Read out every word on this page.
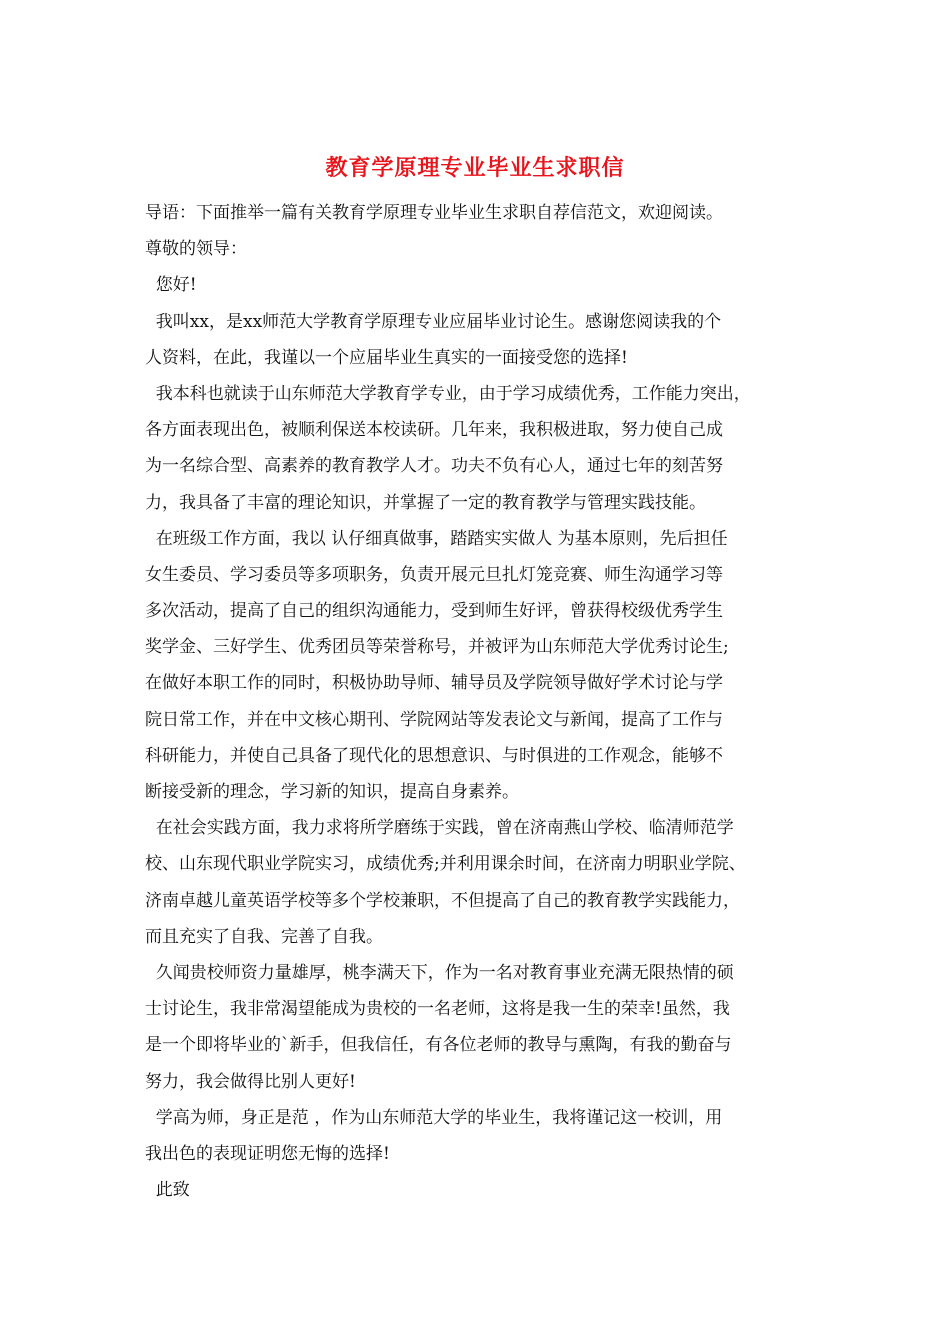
教育学原理专业毕业生求职信
导语：下面推举一篇有关教育学原理专业毕业生求职自荐信范文，欢迎阅读。
尊敬的领导：
您好!
我叫xx，是xx师范大学教育学原理专业应届毕业讨论生。感谢您阅读我的个
人资料，在此，我谨以一个应届毕业生真实的一面接受您的选择!
我本科也就读于山东师范大学教育学专业，由于学习成绩优秀，工作能力突出，
各方面表现出色，被顺利保送本校读研。几年来，我积极进取，努力使自己成
为一名综合型、高素养的教育教学人才。功夫不负有心人，通过七年的刻苦努
力，我具备了丰富的理论知识，并掌握了一定的教育教学与管理实践技能。
在班级工作方面，我以 认仔细真做事，踏踏实实做人 为基本原则，先后担任
女生委员、学习委员等多项职务，负责开展元旦扎灯笼竞赛、师生沟通学习等
多次活动，提高了自己的组织沟通能力，受到师生好评，曾获得校级优秀学生
奖学金、三好学生、优秀团员等荣誉称号，并被评为山东师范大学优秀讨论生;
在做好本职工作的同时，积极协助导师、辅导员及学院领导做好学术讨论与学
院日常工作，并在中文核心期刊、学院网站等发表论文与新闻，提高了工作与
科研能力，并使自己具备了现代化的思想意识、与时俱进的工作观念，能够不
断接受新的理念，学习新的知识，提高自身素养。
在社会实践方面，我力求将所学磨练于实践，曾在济南燕山学校、临清师范学
校、山东现代职业学院实习，成绩优秀;并利用课余时间，在济南力明职业学院、
济南卓越儿童英语学校等多个学校兼职，不但提高了自己的教育教学实践能力，
而且充实了自我、完善了自我。
久闻贵校师资力量雄厚，桃李满天下，作为一名对教育事业充满无限热情的硕
士讨论生，我非常渴望能成为贵校的一名老师，这将是我一生的荣幸!虽然，我
是一个即将毕业的`新手，但我信任，有各位老师的教导与熏陶，有我的勤奋与
努力，我会做得比别人更好!
学高为师，身正是范 ，作为山东师范大学的毕业生，我将谨记这一校训，用
我出色的表现证明您无悔的选择!
此致
